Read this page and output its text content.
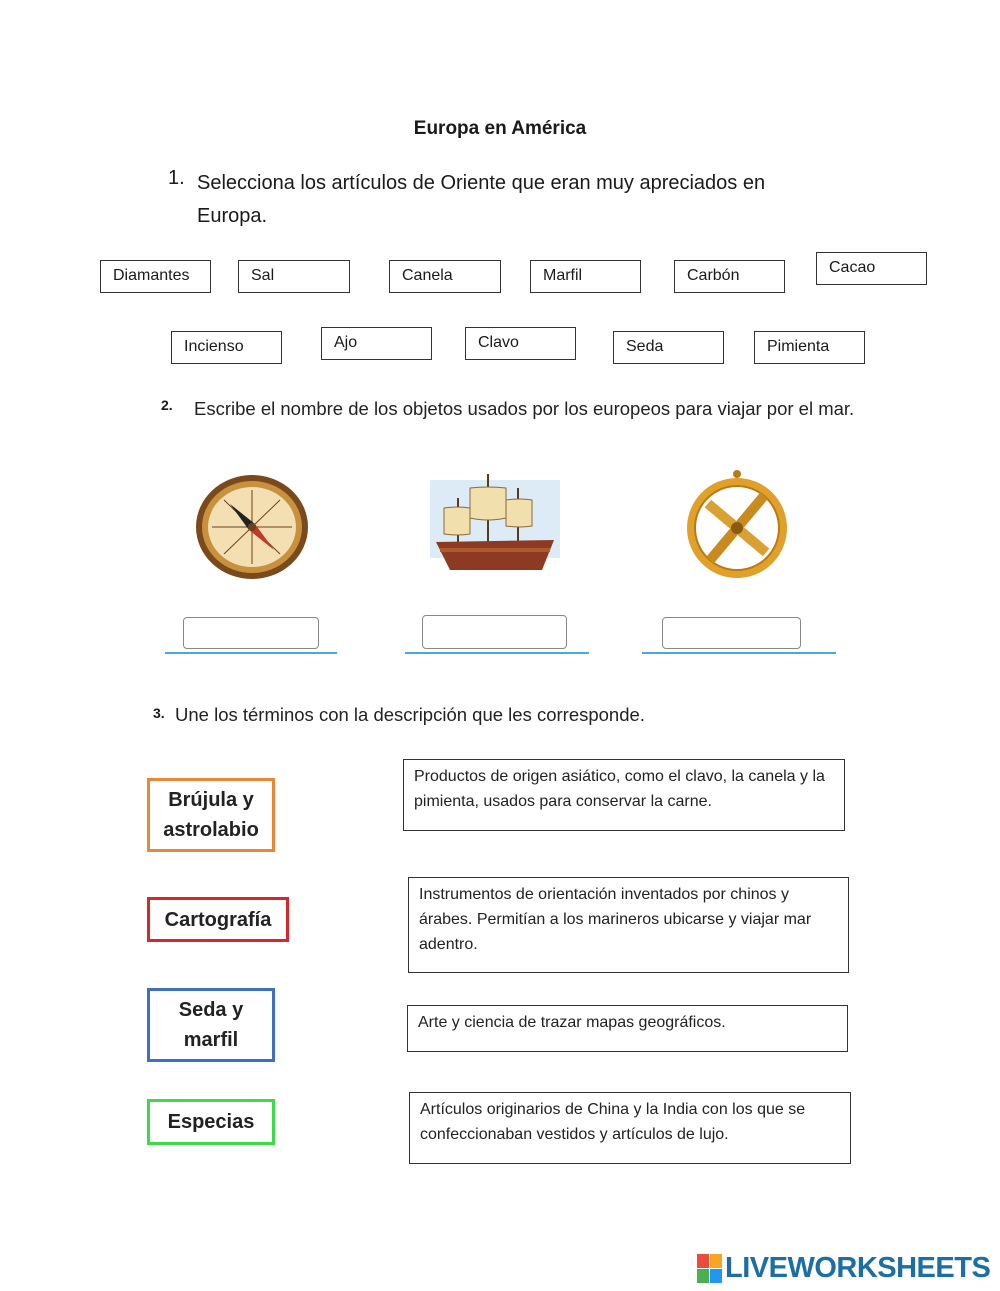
Europa en América
1. Selecciona los artículos de Oriente que eran muy apreciados en Europa.
Diamantes	Sal	Canela	Marfil	Carbón	Cacao
Incienso	Ajo	Clavo	Seda	Pimienta
2.	Escribe el nombre de los objetos usados por los europeos para viajar por el mar.
3. Une los términos con la descripción que les corresponde.
Brújula y astrolabio
Cartografía
Seda y marfil
Especias
Productos de origen asiático, como el clavo, la canela y la pimienta, usados para conservar la carne.
Instrumentos de orientación inventados por chinos y árabes. Permitían a los marineros ubicarse y viajar mar adentro.
Arte y ciencia de trazar mapas geográficos.
Artículos originarios de China y la India con los que se confeccionaban vestidos y artículos de lujo.
LIVEWORKSHEETS
